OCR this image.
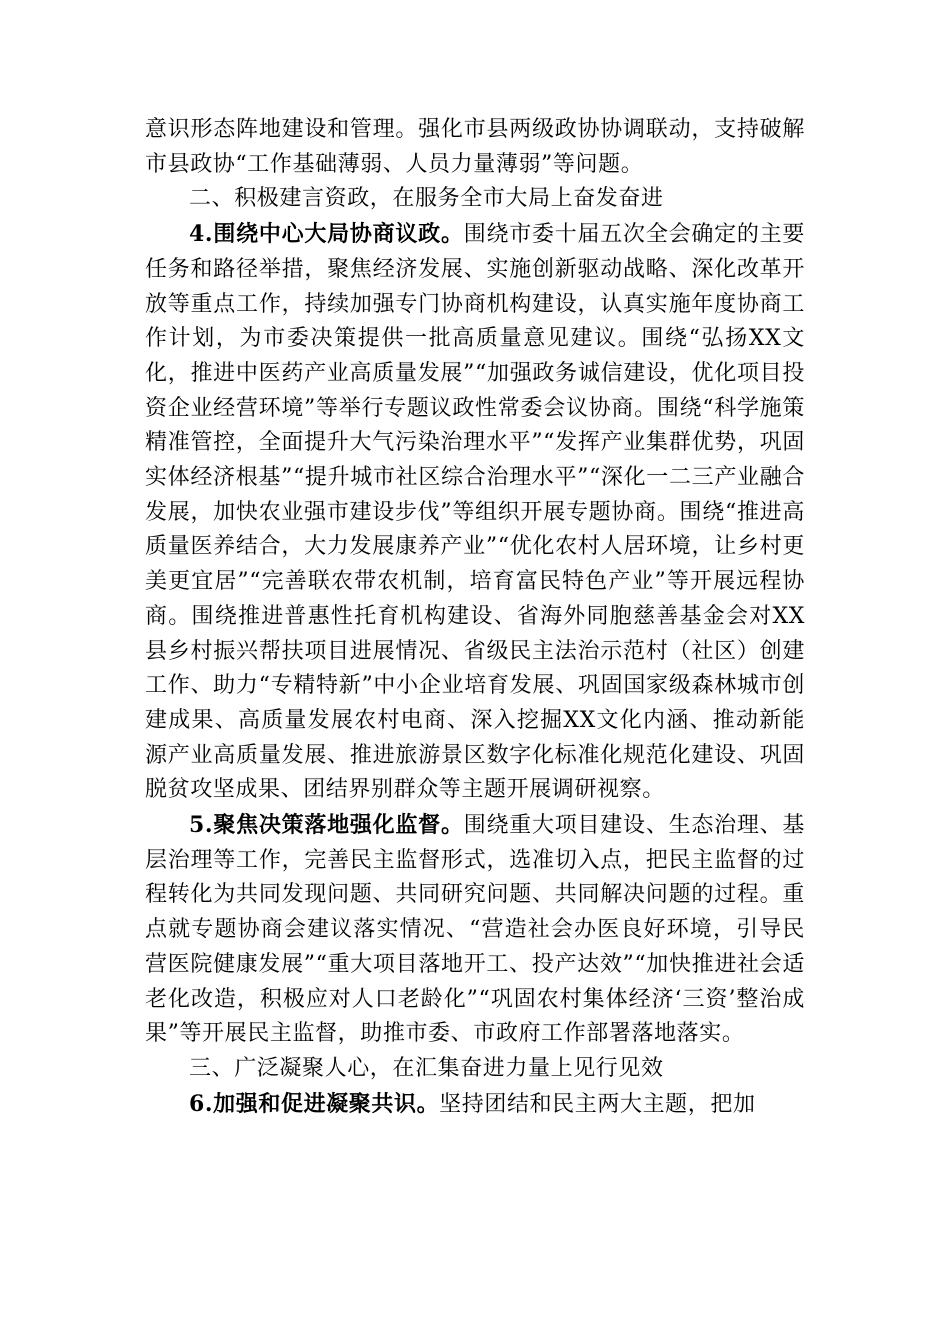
意识形态阵地建设和管理。强化市县两级政协协调联动，支持破解市县政协“工作基础薄弱、人员力量薄弱”等问题。

二、积极建言资政，在服务全市大局上奋发奋进

4.围绕中心大局协商议政。围绕市委十届五次全会确定的主要任务和路径举措，聚焦经济发展、实施创新驱动战略、深化改革开放等重点工作，持续加强专门协商机构建设，认真实施年度协商工作计划，为市委决策提供一批高质量意见建议。围绕“弘扬XX文化，推进中医药产业高质量发展”“加强政务诚信建设，优化项目投资企业经营环境”等举行专题议政性常委会议协商。围绕“科学施策精准管控，全面提升大气污染治理水平”“发挥产业集群优势，巩固实体经济根基”“提升城市社区综合治理水平”“深化一二三产业融合发展，加快农业强市建设步伐”等组织开展专题协商。围绕“推进高质量医养结合，大力发展康养产业”“优化农村人居环境，让乡村更美更宜居”“完善联农带农机制，培育富民特色产业”等开展远程协商。围绕推进普惠性托育机构建设、省海外同胞慈善基金会对XX县乡村振兴帮扶项目进展情况、省级民主法治示范村（社区）创建工作、助力“专精特新”中小企业培育发展、巩固国家级森林城市创建成果、高质量发展农村电商、深入挖掘XX文化内涵、推动新能源产业高质量发展、推进旅游景区数字化标准化规范化建设、巩固脱贫攻坚成果、团结界别群众等主题开展调研视察。

5.聚焦决策落地强化监督。围绕重大项目建设、生态治理、基层治理等工作，完善民主监督形式，选准切入点，把民主监督的过程转化为共同发现问题、共同研究问题、共同解决问题的过程。重点就专题协商会建议落实情况、“营造社会办医良好环境，引导民营医院健康发展”“重大项目落地开工、投产达效”“加快推进社会适老化改造，积极应对人口老龄化”“巩固农村集体经济‘三资’整治成果”等开展民主监督，助推市委、市政府工作部署落地落实。

三、广泛凝聚人心，在汇集奋进力量上见行见效

6.加强和促进凝聚共识。坚持团结和民主两大主题，把加
